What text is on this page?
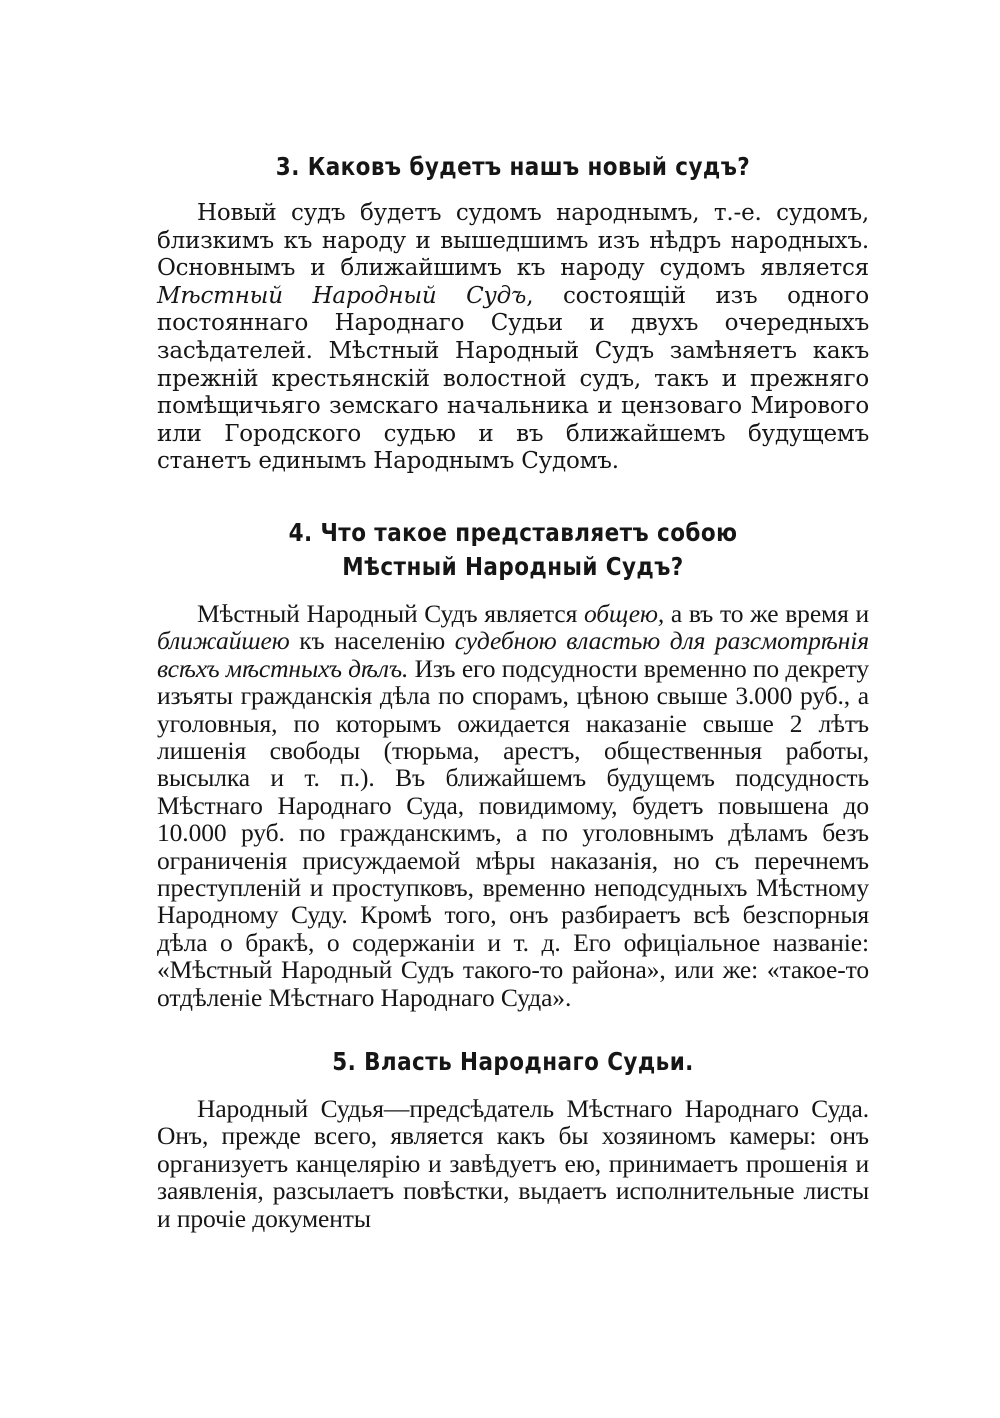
3. Каковъ будетъ нашъ новый судъ?

Новый судъ будетъ судомъ народнымъ, т.-е. судомъ, близкимъ къ народу и вышедшимъ изъ нѣдръ народныхъ. Основнымъ и ближайшимъ къ народу судомъ является Мѣстный Народный Судъ, состоящій изъ одного постояннаго Народнаго Судьи и двухъ очередныхъ засѣдателей. Мѣстный Народный Судъ замѣняетъ какъ прежній крестьянскій волостной судъ, такъ и прежняго помѣщичьяго земскаго начальника и цензоваго Мирового или Городского судью и въ ближайшемъ будущемъ станетъ единымъ Народнымъ Судомъ.

4. Что такое представляетъ собою Мѣстный Народный Судъ?

Мѣстный Народный Судъ является общею, а въ то же время и ближайшею къ населенію судебною властью для разсмотрѣнія всѣхъ мѣстныхъ дѣлъ. Изъ его подсудности временно по декрету изъяты гражданскія дѣла по спорамъ, цѣною свыше 3.000 руб., а уголовныя, по которымъ ожидается наказаніе свыше 2 лѣтъ лишенія свободы (тюрьма, арестъ, общественныя работы, высылка и т. п.). Въ ближайшемъ будущемъ подсудность Мѣстнаго Народнаго Суда, повидимому, будетъ повышена до 10.000 руб. по гражданскимъ, а по уголовнымъ дѣламъ безъ ограниченія присуждаемой мѣры наказанія, но съ перечнемъ преступленій и проступковъ, временно неподсудныхъ Мѣстному Народному Суду. Кромѣ того, онъ разбираетъ всѣ безспорныя дѣла о бракѣ, о содержаніи и т. д. Его офиціальное названіе: «Мѣстный Народный Судъ такого-то района», или же: «такое-то отдѣленіе Мѣстнаго Народнаго Суда».

5. Власть Народнаго Судьи.

Народный Судья—предсѣдатель Мѣстнаго Народнаго Суда. Онъ, прежде всего, является какъ бы хозяиномъ камеры: онъ организуетъ канцелярію и завѣдуетъ ею, принимаетъ прошенія и заявленія, разсылаетъ повѣстки, выдаетъ исполнительные листы и прочіе документы
